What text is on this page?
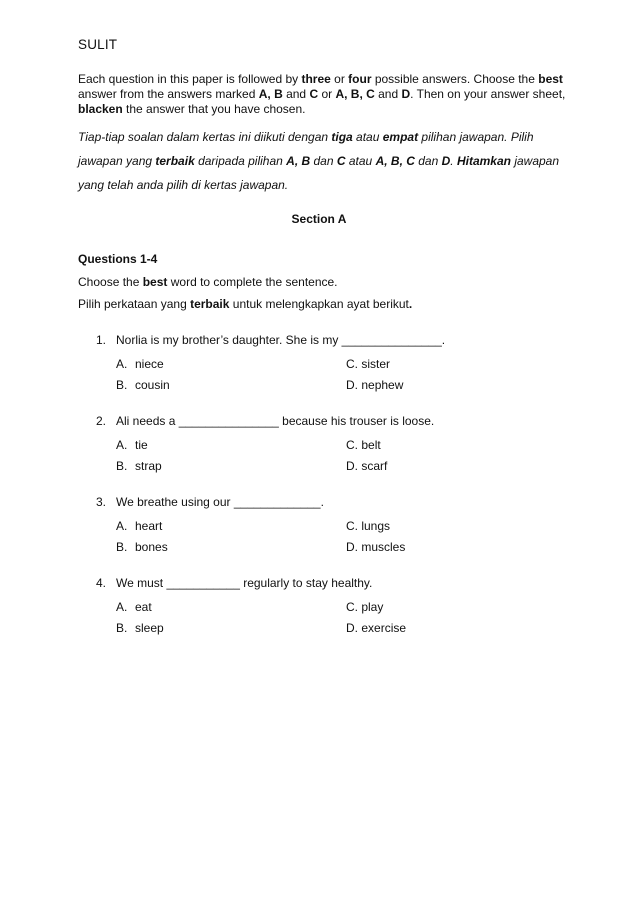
SULIT
Each question in this paper is followed by three or four possible answers. Choose the best answer from the answers marked A, B and C or A, B, C and D. Then on your answer sheet, blacken the answer that you have chosen.
Tiap-tiap soalan dalam kertas ini diikuti dengan tiga atau empat pilihan jawapan. Pilih jawapan yang terbaik daripada pilihan A, B dan C atau A, B, C dan D. Hitamkan jawapan yang telah anda pilih di kertas jawapan.
Section A
Questions 1-4
Choose the best word to complete the sentence.
Pilih perkataan yang terbaik untuk melengkapkan ayat berikut.
1. Norlia is my brother’s daughter. She is my _______________.
A. niece
B. cousin
C.
sister
D.
nephew
2. Ali needs a _______________ because his trouser is loose.
A. tie
B. strap
C.
belt
D.
scarf
3. We breathe using our _____________.
A. heart
B. bones
C.
lungs
D.
muscles
4. We must ___________ regularly to stay healthy.
A. eat
B. sleep
C.
play
D.
exercise
